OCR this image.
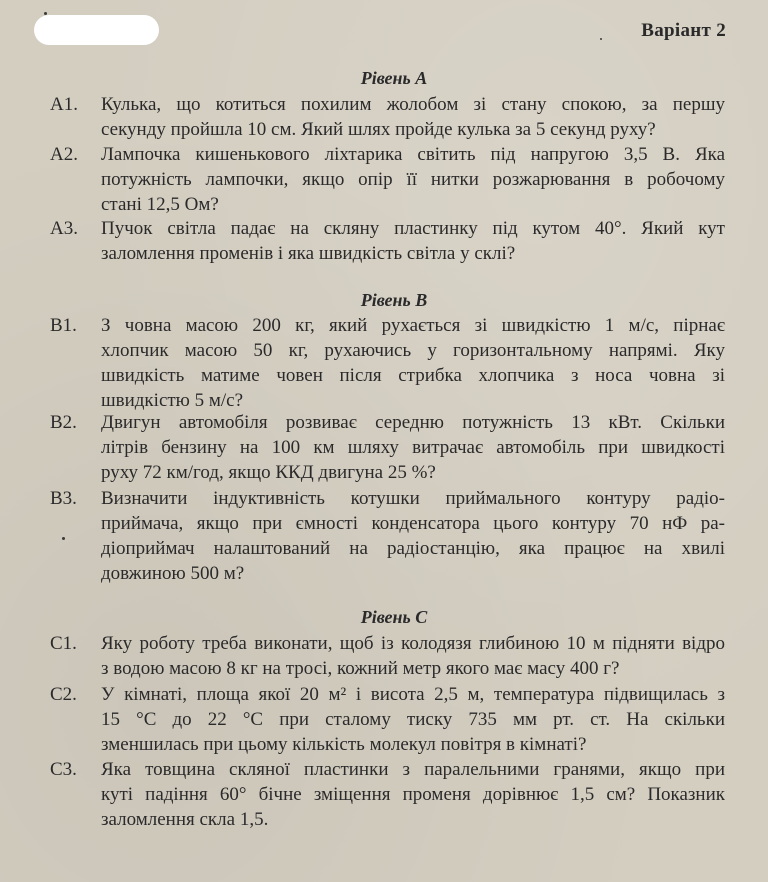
Варіант 2
Рівень А
А1. Кулька, що котиться похилим жолобом зі стану спокою, за першу
секунду пройшла 10 см. Який шлях пройде кулька за 5 секунд руху?
А2. Лампочка кишенькового ліхтарика світить під напругою 3,5 В. Яка
потужність лампочки, якщо опір її нитки розжарювання в робочому
стані 12,5 Ом?
А3. Пучок світла падає на скляну пластинку під кутом 40°. Який кут
заломлення променів і яка швидкість світла у склі?
Рівень В
В1. З човна масою 200 кг, який рухається зі швидкістю 1 м/с, пірнає
хлопчик масою 50 кг, рухаючись у горизонтальному напрямі. Яку
швидкість матиме човен після стрибка хлопчика з носа човна зі
швидкістю 5 м/с?
В2. Двигун автомобіля розвиває середню потужність 13 кВт. Скільки
літрів бензину на 100 км шляху витрачає автомобіль при швидкості
руху 72 км/год, якщо ККД двигуна 25 %?
В3. Визначити індуктивність котушки приймального контуру радіо-
приймача, якщо при ємності конденсатора цього контуру 70 нФ ра-
діоприймач налаштований на радіостанцію, яка працює на хвилі
довжиною 500 м?
Рівень С
С1. Яку роботу треба виконати, щоб із колодязя глибиною 10 м підняти відро
з водою масою 8 кг на тросі, кожний метр якого має масу 400 г?
С2. У кімнаті, площа якої 20 м² і висота 2,5 м, температура підвищилась з
15 °С до 22 °С при сталому тиску 735 мм рт. ст. На скільки
зменшилась при цьому кількість молекул повітря в кімнаті?
С3. Яка товщина скляної пластинки з паралельними гранями, якщо при
куті падіння 60° бічне зміщення променя дорівнює 1,5 см? Показник
заломлення скла 1,5.
